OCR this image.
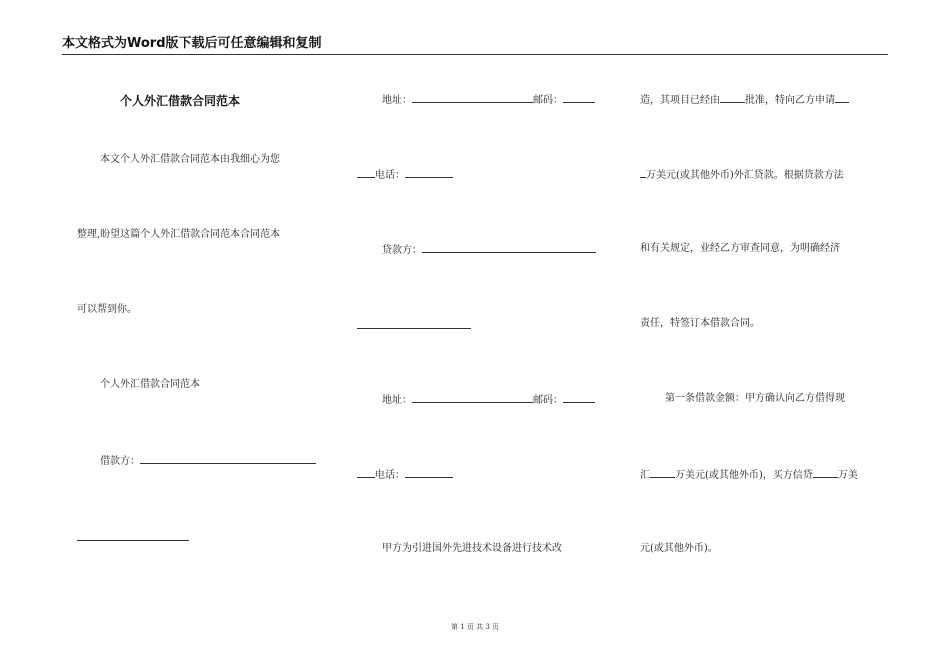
本文格式为Word版下载后可任意编辑和复制
个人外汇借款合同范本
本文个人外汇借款合同范本由我细心为您
整理,盼望这篇个人外汇借款合同范本合同范本
可以帮到你。
个人外汇借款合同范本
借款方：
地址：	邮码：
电话：
贷款方：
地址：	邮码：
电话：
甲方为引进国外先进技术设备进行技术改
造，其项目已经由	批准，特向乙方申请
万美元(或其他外币)外汇贷款。根据贷款方法
和有关规定，业经乙方审查同意，为明确经济
责任，特签订本借款合同。
第一条借款金额：甲方确认向乙方借得现
汇	万美元(或其他外币)，买方信贷	万美
元(或其他外币)。
第 1 页 共 3 页
